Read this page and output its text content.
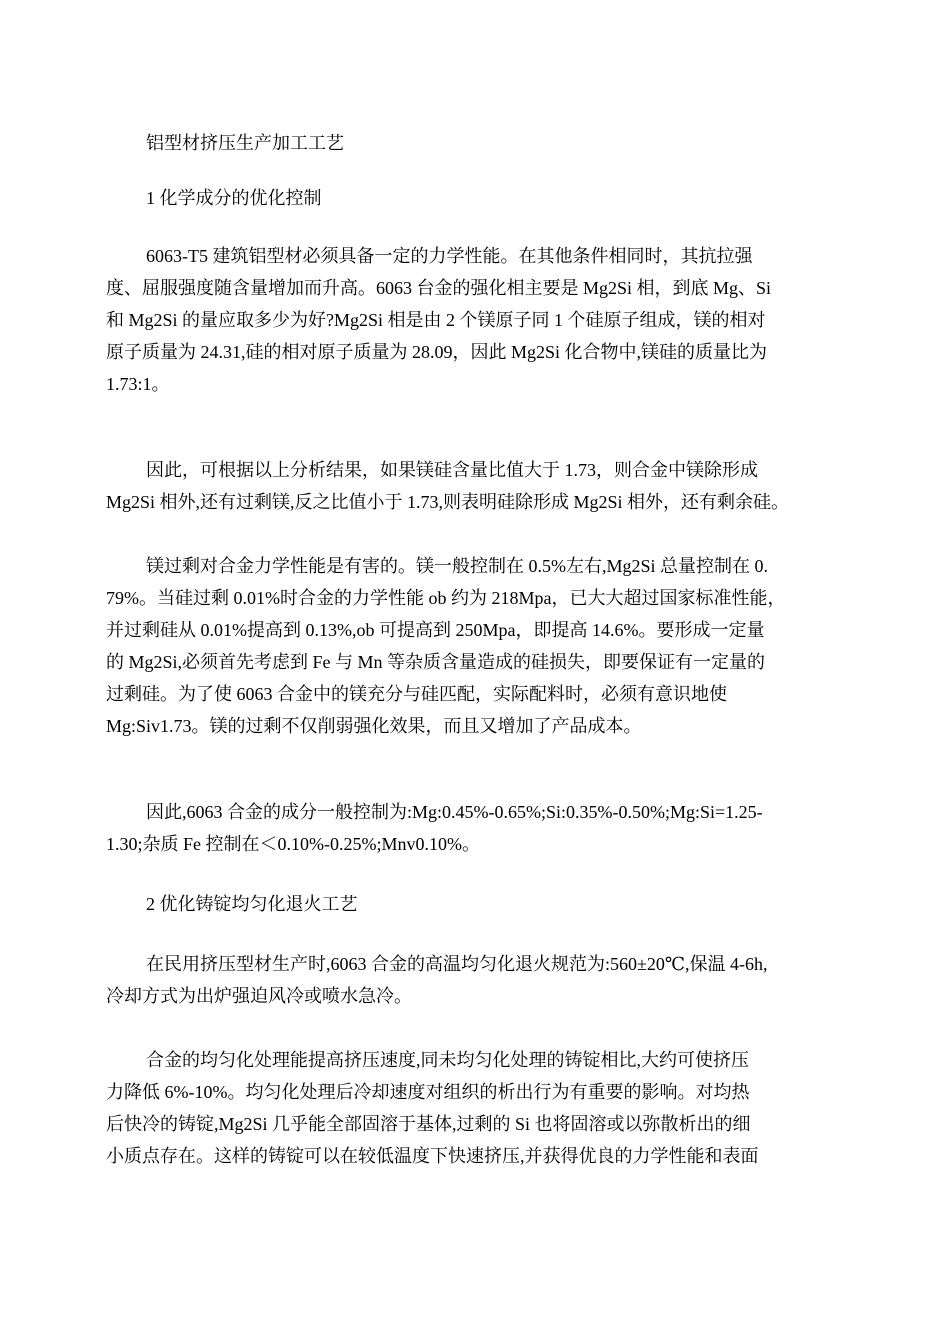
铝型材挤压生产加工工艺
1 化学成分的优化控制
6063-T5 建筑铝型材必须具备一定的力学性能。在其他条件相同时，其抗拉强
度、屈服强度随含量增加而升高。6063 台金的强化相主要是 Mg2Si 相，到底 Mg、Si
和 Mg2Si 的量应取多少为好?Mg2Si 相是由 2 个镁原子同 1 个硅原子组成，镁的相对
原子质量为 24.31,硅的相对原子质量为 28.09，因此 Mg2Si 化合物中,镁硅的质量比为
1.73:1。
因此，可根据以上分析结果，如果镁硅含量比值大于 1.73，则合金中镁除形成
Mg2Si 相外,还有过剩镁,反之比值小于 1.73,则表明硅除形成 Mg2Si 相外，还有剩余硅。
镁过剩对合金力学性能是有害的。镁一般控制在 0.5%左右,Mg2Si 总量控制在 0.
79%。当硅过剩 0.01%时合金的力学性能 ob 约为 218Mpa，已大大超过国家标准性能，
并过剩硅从 0.01%提高到 0.13%,ob 可提高到 250Mpa，即提高 14.6%。要形成一定量
的 Mg2Si,必须首先考虑到 Fe 与 Mn 等杂质含量造成的硅损失，即要保证有一定量的
过剩硅。为了使 6063 合金中的镁充分与硅匹配，实际配料时，必须有意识地使
Mg:Siv1.73。镁的过剩不仅削弱强化效果，而且又增加了产品成本。
因此,6063 合金的成分一般控制为:Mg:0.45%-0.65%;Si:0.35%-0.50%;Mg:Si=1.25-
1.30;杂质 Fe 控制在＜0.10%-0.25%;Mnv0.10%。
2 优化铸锭均匀化退火工艺
在民用挤压型材生产时,6063 合金的高温均匀化退火规范为:560±20℃,保温 4-6h,
冷却方式为出炉强迫风冷或喷水急冷。
合金的均匀化处理能提高挤压速度,同未均匀化处理的铸锭相比,大约可使挤压
力降低 6%-10%。均匀化处理后冷却速度对组织的析出行为有重要的影响。对均热
后快冷的铸锭,Mg2Si 几乎能全部固溶于基体,过剩的 Si 也将固溶或以弥散析出的细
小质点存在。这样的铸锭可以在较低温度下快速挤压,并获得优良的力学性能和表面
